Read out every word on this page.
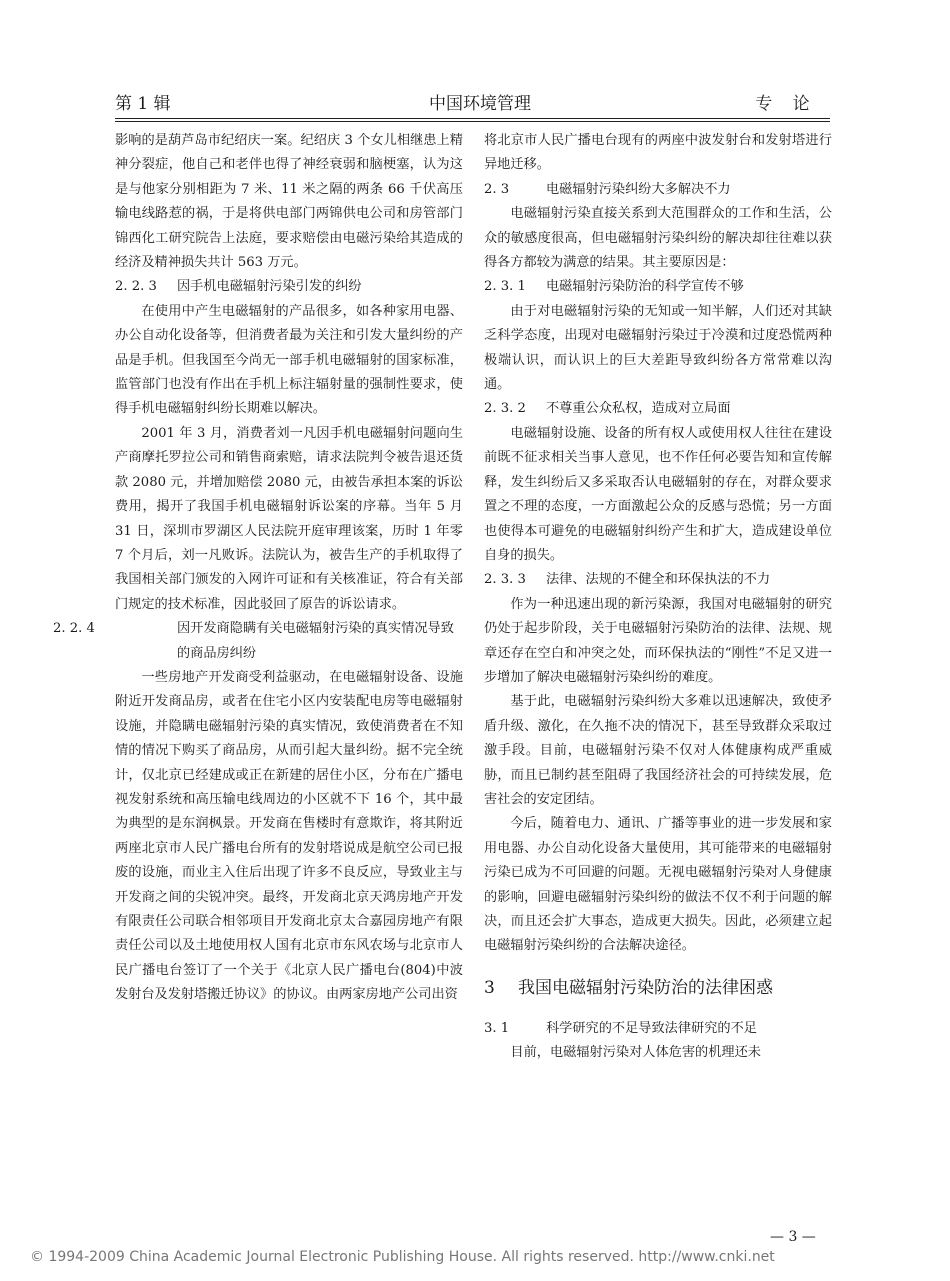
第 1 辑	中国环境管理	专论

影响的是葫芦岛市纪绍庆一案。纪绍庆 3 个女儿相继患上精神分裂症，他自己和老伴也得了神经衰弱和脑梗塞，认为这是与他家分别相距为 7 米、11 米之隔的两条 66 千伏高压输电线路惹的祸，于是将供电部门两锦供电公司和房管部门锦西化工研究院告上法庭，要求赔偿由电磁污染给其造成的经济及精神损失共计 563 万元。

2. 2. 3 因手机电磁辐射污染引发的纠纷

在使用中产生电磁辐射的产品很多，如各种家用电器、办公自动化设备等，但消费者最为关注和引发大量纠纷的产品是手机。但我国至今尚无一部手机电磁辐射的国家标准，监管部门也没有作出在手机上标注辐射量的强制性要求，使得手机电磁辐射纠纷长期难以解决。

2001 年 3 月，消费者刘一凡因手机电磁辐射问题向生产商摩托罗拉公司和销售商索赔，请求法院判令被告退还货款 2080 元，并增加赔偿 2080 元，由被告承担本案的诉讼费用，揭开了我国手机电磁辐射诉讼案的序幕。当年 5 月 31 日，深圳市罗湖区人民法院开庭审理该案，历时 1 年零 7 个月后，刘一凡败诉。法院认为，被告生产的手机取得了我国相关部门颁发的入网许可证和有关核准证，符合有关部门规定的技术标准，因此驳回了原告的诉讼请求。

2. 2. 4	因开发商隐瞒有关电磁辐射污染的真实情况导致的商品房纠纷

一些房地产开发商受利益驱动，在电磁辐射设备、设施附近开发商品房，或者在住宅小区内安装配电房等电磁辐射设施，并隐瞒电磁辐射污染的真实情况，致使消费者在不知情的情况下购买了商品房，从而引起大量纠纷。据不完全统计，仅北京已经建成或正在新建的居住小区，分布在广播电视发射系统和高压输电线周边的小区就不下 16 个，其中最为典型的是东润枫景。开发商在售楼时有意欺诈，将其附近两座北京市人民广播电台所有的发射塔说成是航空公司已报废的设施，而业主入住后出现了许多不良反应，导致业主与开发商之间的尖锐冲突。最终，开发商北京天鸿房地产开发有限责任公司联合相邻项目开发商北京太合嘉园房地产有限责任公司以及土地使用权人国有北京市东风农场与北京市人民广播电台签订了一个关于《北京人民广播电台(804)中波发射台及发射塔搬迁协议》的协议。由两家房地产公司出资

将北京市人民广播电台现有的两座中波发射台和发射塔进行异地迁移。

2. 3	电磁辐射污染纠纷大多解决不力

电磁辐射污染直接关系到大范围群众的工作和生活，公众的敏感度很高，但电磁辐射污染纠纷的解决却往往难以获得各方都较为满意的结果。其主要原因是：

2. 3. 1 电磁辐射污染防治的科学宣传不够

由于对电磁辐射污染的无知或一知半解，人们还对其缺乏科学态度，出现对电磁辐射污染过于冷漠和过度恐慌两种极端认识，而认识上的巨大差距导致纠纷各方常常难以沟通。

2. 3. 2 不尊重公众私权，造成对立局面

电磁辐射设施、设备的所有权人或使用权人往往在建设前既不征求相关当事人意见，也不作任何必要告知和宣传解释，发生纠纷后又多采取否认电磁辐射的存在，对群众要求置之不理的态度，一方面激起公众的反感与恐慌；另一方面也使得本可避免的电磁辐射纠纷产生和扩大，造成建设单位自身的损失。

2. 3. 3 法律、法规的不健全和环保执法的不力

作为一种迅速出现的新污染源，我国对电磁辐射的研究仍处于起步阶段，关于电磁辐射污染防治的法律、法规、规章还存在空白和冲突之处，而环保执法的“刚性”不足又进一步增加了解决电磁辐射污染纠纷的难度。

基于此，电磁辐射污染纠纷大多难以迅速解决，致使矛盾升级、激化，在久拖不决的情况下，甚至导致群众采取过激手段。目前，电磁辐射污染不仅对人体健康构成严重威胁，而且已制约甚至阻碍了我国经济社会的可持续发展，危害社会的安定团结。

今后，随着电力、通讯、广播等事业的进一步发展和家用电器、办公自动化设备大量使用，其可能带来的电磁辐射污染已成为不可回避的问题。无视电磁辐射污染对人身健康的影响，回避电磁辐射污染纠纷的做法不仅不利于问题的解决，而且还会扩大事态，造成更大损失。因此，必须建立起电磁辐射污染纠纷的合法解决途径。

3 我国电磁辐射污染防治的法律困惑
3. 1	科学研究的不足导致法律研究的不足

目前，电磁辐射污染对人体危害的机理还未

— 3 —
© 1994-2009 China Academic Journal Electronic Publishing House. All rights reserved. http://www.cnki.net
